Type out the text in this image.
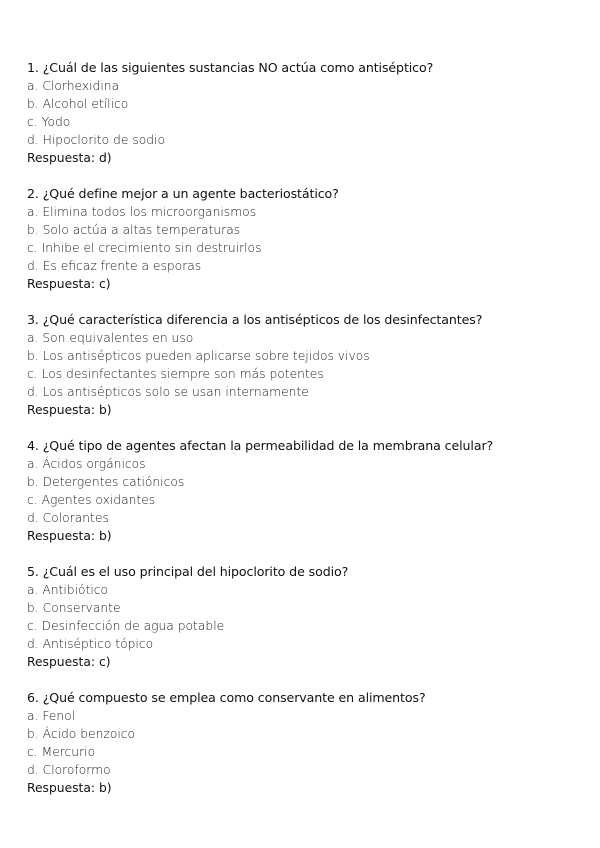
1. ¿Cuál de las siguientes sustancias NO actúa como antiséptico?
a. Clorhexidina
b. Alcohol etílico
c. Yodo
d. Hipoclorito de sodio
Respuesta: d)
2. ¿Qué define mejor a un agente bacteriostático?
a. Elimina todos los microorganismos
b. Solo actúa a altas temperaturas
c. Inhibe el crecimiento sin destruirlos
d. Es eficaz frente a esporas
Respuesta: c)
3. ¿Qué característica diferencia a los antisépticos de los desinfectantes?
a. Son equivalentes en uso
b. Los antisépticos pueden aplicarse sobre tejidos vivos
c. Los desinfectantes siempre son más potentes
d. Los antisépticos solo se usan internamente
Respuesta: b)
4. ¿Qué tipo de agentes afectan la permeabilidad de la membrana celular?
a. Ácidos orgánicos
b. Detergentes catiónicos
c. Agentes oxidantes
d. Colorantes
Respuesta: b)
5. ¿Cuál es el uso principal del hipoclorito de sodio?
a. Antibiótico
b. Conservante
c. Desinfección de agua potable
d. Antiséptico tópico
Respuesta: c)
6. ¿Qué compuesto se emplea como conservante en alimentos?
a. Fenol
b. Ácido benzoico
c. Mercurio
d. Cloroformo
Respuesta: b)
